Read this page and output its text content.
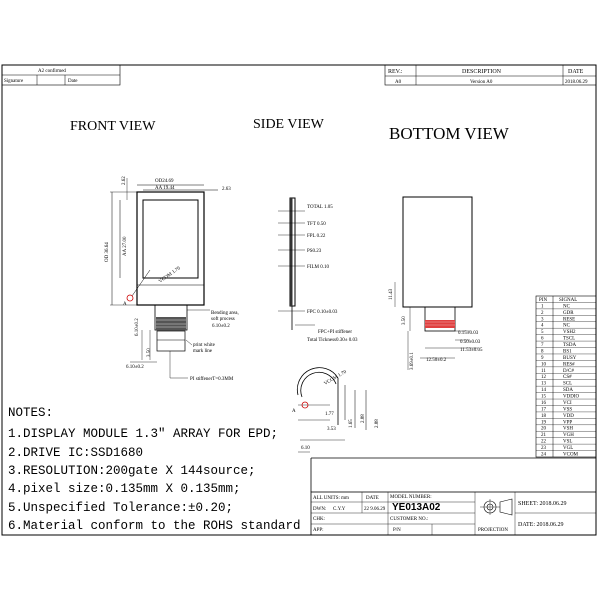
A2 confirmed
Signature	Date
REV.:	DESCRIPTION	DATE
A0	Version A0	2018.06.29
FRONT VIEW	SIDE VIEW	BOTTOM VIEW
OD24.69
AA 19.44	2.63
2.62
OD 36.64	AA 27.00
VCOM 1.70
A
Bending area,
soft process
6.10±0.2
print white
mark line
6.10±0.2
3.50
6.10±0.2
PI stiffenerT=0.3MM
TOTAL 1.05
TFT 0.50
FPL 0.22
PS0.23
FILM 0.10
FPC 0.10±0.03
FPC+PI stiffener
Total Tickness0.30± 0.03
11.43
3.50
0.15±0.03
0.50±0.03
11.53±0.05
3.69±0.1 12.50±0.2
PIN SIGNAL
1	NC
2	GDR
3	RESE
4	NC
5	VSH2
6	TSCL
7	TSDA
8	BS1
9	BUSY
10	RES#
11	D/C#
12	CS#
13	SCL
14	SDA
15	VDDIO
16	VCI
17	VSS
18	VDD
19	VPP
20	VSH
21	VGH
22	VSL
23	VGL
24	VCOM
VCOM 1.70
A
1.77
3.53
1.65
2.88
2.88
6.10
NOTES:
1.DISPLAY MODULE 1.3″ ARRAY FOR EPD;
2.DRIVE IC:SSD1680
3.RESOLUTION:200gate X 144source;
4.pixel size:0.135mm X 0.135mm;
5.Unspecified Tolerance:±0.20;
6.Material conform to the ROHS standard
ALL UNITS: mm	DATE MODEL NUMBER:
YE013A02
DWN: C.Y.Y	22 9.06.29
CHK:	CUSTOMER NO.:
APP:	P/N	PROJECTION
SHEET: 2018.06.29
DATE: 2018.06.29
